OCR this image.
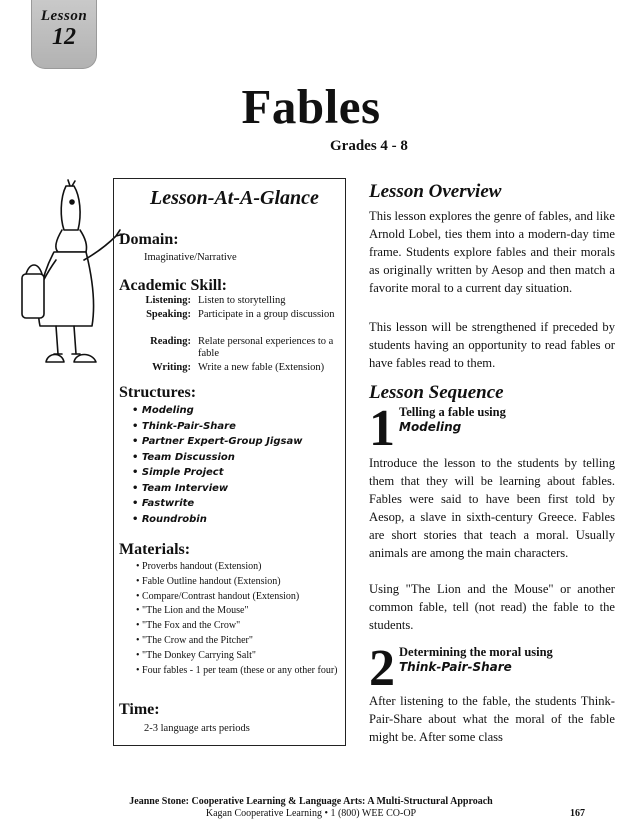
Lesson
12
Fables
Grades 4 - 8
Lesson-At-A-Glance
Domain:
Imaginative/Narrative
Academic Skill:
Listening: Listen to storytelling
Speaking: Participate in a group discussion
Reading: Relate personal experiences to a fable
Writing: Write a new fable (Extension)
Structures:
• Modeling
• Think-Pair-Share
• Partner Expert-Group Jigsaw
• Team Discussion
• Simple Project
• Team Interview
• Fastwrite
• Roundrobin
Materials:
• Proverbs handout (Extension)
• Fable Outline handout (Extension)
• Compare/Contrast handout (Extension)
• "The Lion and the Mouse"
• "The Fox and the Crow"
• "The Crow and the Pitcher"
• "The Donkey Carrying Salt"
• Four fables - 1 per team (these or any other four)
Time:
2-3 language arts periods
Lesson Overview
This lesson explores the genre of fables, and like Arnold Lobel, ties them into a modern-day time frame. Students explore fables and their morals as originally written by Aesop and then match a favorite moral to a current day situation.
This lesson will be strengthened if preceded by students having an opportunity to read fables or have fables read to them.
Lesson Sequence
1 Telling a fable using
Modeling
Introduce the lesson to the students by telling them that they will be learning about fables. Fables were said to have been first told by Aesop, a slave in sixth-century Greece. Fables are short stories that teach a moral. Usually animals are among the main characters.
Using "The Lion and the Mouse" or another common fable, tell (not read) the fable to the students.
2 Determining the moral using
Think-Pair-Share
After listening to the fable, the students Think-Pair-Share about what the moral of the fable might be. After some class
Jeanne Stone: Cooperative Learning & Language Arts: A Multi-Structural Approach
Kagan Cooperative Learning • 1 (800) WEE CO-OP	167
